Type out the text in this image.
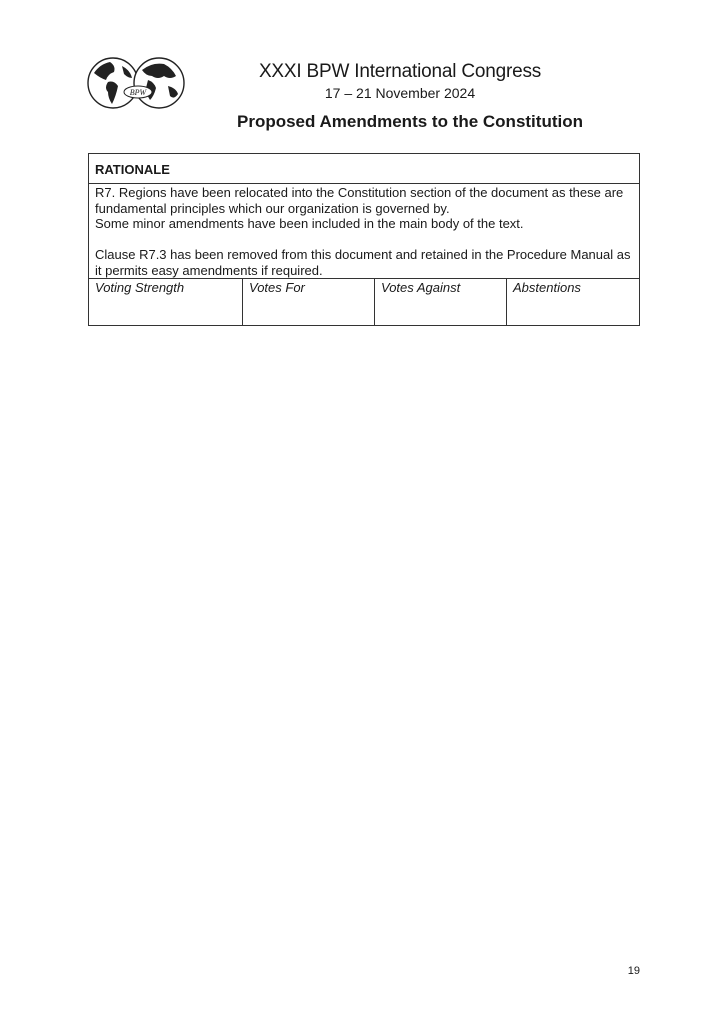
BPW
XXXI BPW International Congress
17 – 21 November 2024
Proposed Amendments to the Constitution
RATIONALE

R7. Regions have been relocated into the Constitution section of the document as these are fundamental principles which our organization is governed by.

Some minor amendments have been included in the main body of the text.

Clause R7.3 has been removed from this document and retained in the Procedure Manual as it permits easy amendments if required.

Voting Strength	Votes For	Votes Against	Abstentions
19
